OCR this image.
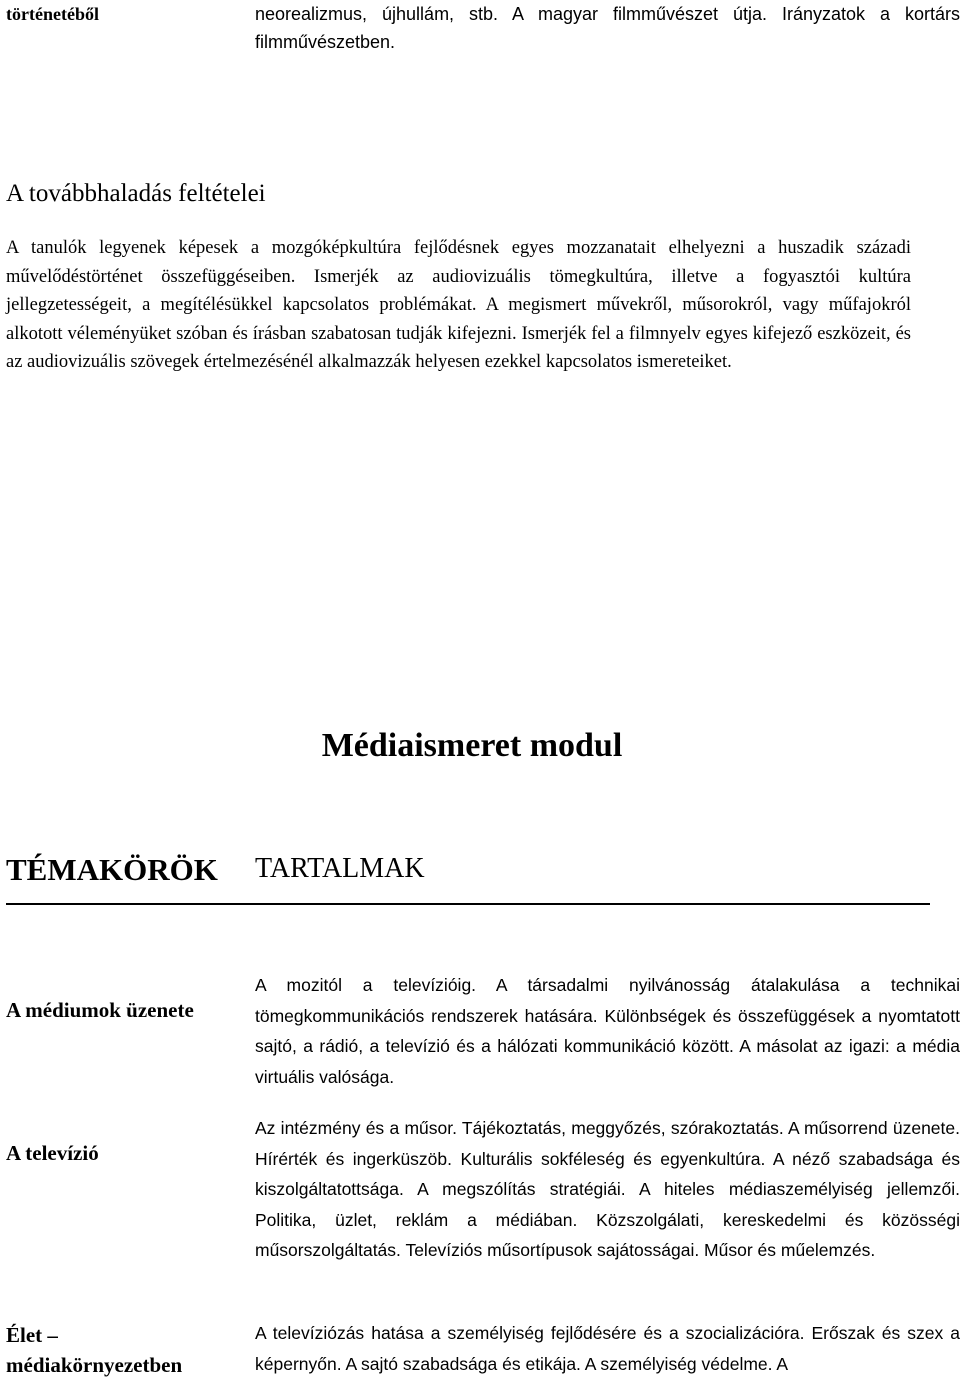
történetéből	neorealizmus, újhullám, stb. A magyar filmművészet útja. Irányzatok a kortárs filmművészetben.
A továbbhaladás feltételei
A tanulók legyenek képesek a mozgóképkultúra fejlődésnek egyes mozzanatait elhelyezni a huszadik századi művelődéstörténet összefüggéseiben. Ismerjék az audiovizuális tömegkultúra, illetve a fogyasztói kultúra jellegzetességeit, a megítélésükkel kapcsolatos problémákat. A megismert művekről, műsorokról, vagy műfajokról alkotott véleményüket szóban és írásban szabatosan tudják kifejezni. Ismerjék fel a filmnyelv egyes kifejező eszközeit, és az audiovizuális szövegek értelmezésénél alkalmazzák helyesen ezekkel kapcsolatos ismereteiket.
Médiaismeret modul
TÉMAKÖRÖK TARTALMAK
A médiumok üzenete
A mozitól a televízióig. A társadalmi nyilvánosság átalakulása a technikai tömegkommunikációs rendszerek hatására. Különbségek és összefüggések a nyomtatott sajtó, a rádió, a televízió és a hálózati kommunikáció között. A másolat az igazi: a média virtuális valósága.
A televízió
Az intézmény és a műsor. Tájékoztatás, meggyőzés, szórakoztatás. A műsorrend üzenete. Hírérték és ingerküszöb. Kulturális sokféleség és egyenkultúra. A néző szabadsága és kiszolgáltatottsága. A megszólítás stratégiái. A hiteles médiaszemélyiség jellemzői. Politika, üzlet, reklám a médiában. Közszolgálati, kereskedelmi és közösségi műsorszolgáltatás. Televíziós műsortípusok sajátosságai. Műsor és műelemzés.
Élet – médiakörnyezetben
A televíziózás hatása a személyiség fejlődésére és a szocializációra. Erőszak és szex a képernyőn. A sajtó szabadsága és etikája. A személyiség védelme. A
